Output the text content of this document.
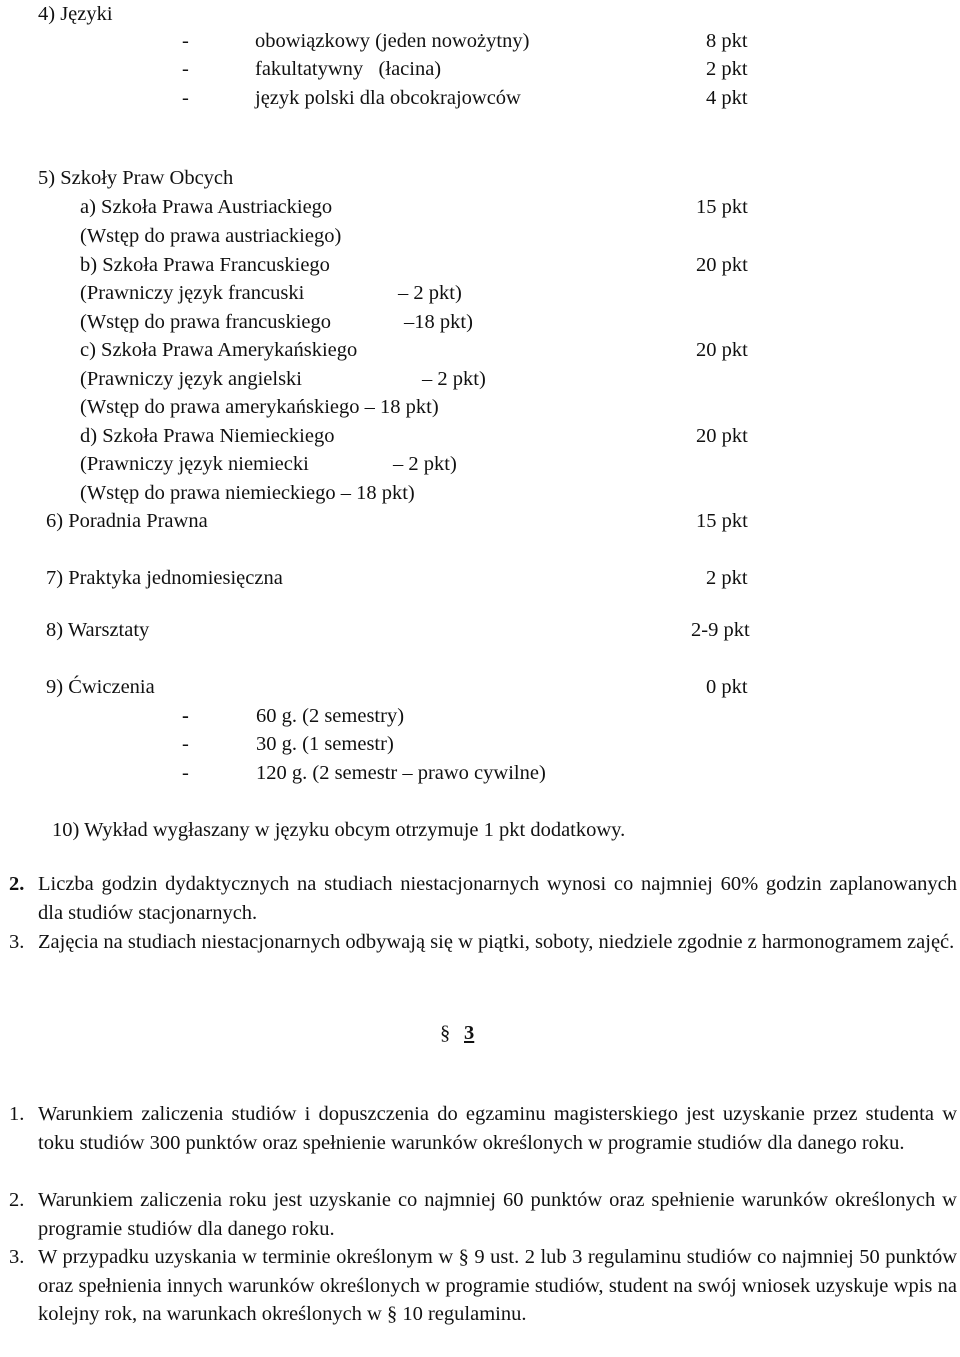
4) Języki
-	obowiązkowy (jeden nowożytny)	8 pkt
-	fakultatywny   (łacina)	2 pkt
-	język polski dla obcokrajowców	4 pkt
5) Szkoły Praw Obcych
a) Szkoła Prawa Austriackiego	15 pkt
(Wstęp do prawa austriackiego)
b) Szkoła Prawa Francuskiego	20 pkt
(Prawniczy język francuski	– 2 pkt)
(Wstęp do prawa francuskiego	–18 pkt)
c) Szkoła Prawa Amerykańskiego	20 pkt
(Prawniczy język angielski	– 2 pkt)
(Wstęp do prawa amerykańskiego – 18 pkt)
d) Szkoła Prawa Niemieckiego	20 pkt
(Prawniczy język niemiecki	– 2 pkt)
(Wstęp do prawa niemieckiego – 18 pkt)
6) Poradnia Prawna	15 pkt
7) Praktyka jednomiesięczna	2 pkt
8) Warsztaty	2-9 pkt
9) Ćwiczenia	0 pkt
-	60 g. (2 semestry)
-	30 g. (1 semestr)
-	120 g. (2 semestr – prawo cywilne)
10) Wykład wygłaszany w języku obcym otrzymuje 1 pkt dodatkowy.
2. Liczba godzin dydaktycznych na studiach niestacjonarnych wynosi co najmniej 60% godzin zaplanowanych dla studiów stacjonarnych.
3. Zajęcia na studiach niestacjonarnych odbywają się w piątki, soboty, niedziele zgodnie z harmonogramem zajęć.
§ 3
1. Warunkiem zaliczenia studiów i dopuszczenia do egzaminu magisterskiego jest uzyskanie przez studenta w toku studiów 300 punktów oraz spełnienie warunków określonych w programie studiów dla danego roku.
2. Warunkiem zaliczenia roku jest uzyskanie co najmniej 60 punktów oraz spełnienie warunków określonych w programie studiów dla danego roku.
3. W przypadku uzyskania w terminie określonym w § 9 ust. 2 lub 3 regulaminu studiów co najmniej 50 punktów oraz spełnienia innych warunków określonych w programie studiów, student na swój wniosek uzyskuje wpis na kolejny rok, na warunkach określonych w § 10 regulaminu.
